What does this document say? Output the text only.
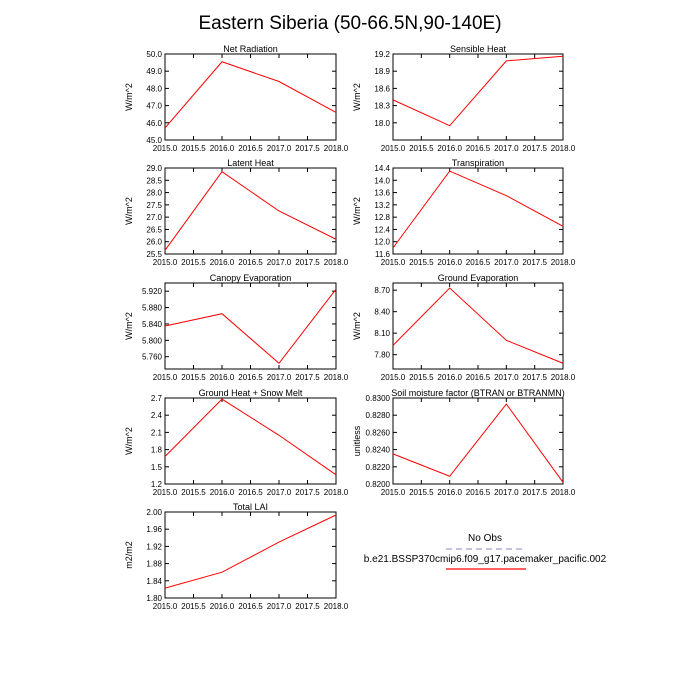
Eastern Siberia (50-66.5N,90-140E)
Net Radiation
2015.0 2015.5 2016.0 2016.5 2017.0 2017.5 2018.0
45.0
46.0
47.0
48.0
49.0
50.0
W/m^2
Sensible Heat
2015.0 2015.5 2016.0 2016.5 2017.0 2017.5 2018.0
18.0
18.3
18.6
18.9
19.2
W/m^2
Latent Heat
2015.0 2015.5 2016.0 2016.5 2017.0 2017.5 2018.0
25.5
26.0
26.5
27.0
27.5
28.0
28.5
29.0
W/m^2
Transpiration
2015.0 2015.5 2016.0 2016.5 2017.0 2017.5 2018.0
11.6
12.0
12.4
12.8
13.2
13.6
14.0
14.4
W/m^2
Canopy Evaporation
2015.0 2015.5 2016.0 2016.5 2017.0 2017.5 2018.0
5.760
5.800
5.840
5.880
5.920
W/m^2
Ground Evaporation
2015.0 2015.5 2016.0 2016.5 2017.0 2017.5 2018.0
7.80
8.10
8.40
8.70
W/m^2
Ground Heat + Snow Melt
2015.0 2015.5 2016.0 2016.5 2017.0 2017.5 2018.0
1.2
1.5
1.8
2.1
2.4
2.7
W/m^2
Soil moisture factor (BTRAN or BTRANMN)
2015.0 2015.5 2016.0 2016.5 2017.0 2017.5 2018.0
0.8200
0.8220
0.8240
0.8260
0.8280
0.8300
unitless
Total LAI
2015.0 2015.5 2016.0 2016.5 2017.0 2017.5 2018.0
1.80
1.84
1.88
1.92
1.96
2.00
m2/m2
No Obs
b.e21.BSSP370cmip6.f09_g17.pacemaker_pacific.002
